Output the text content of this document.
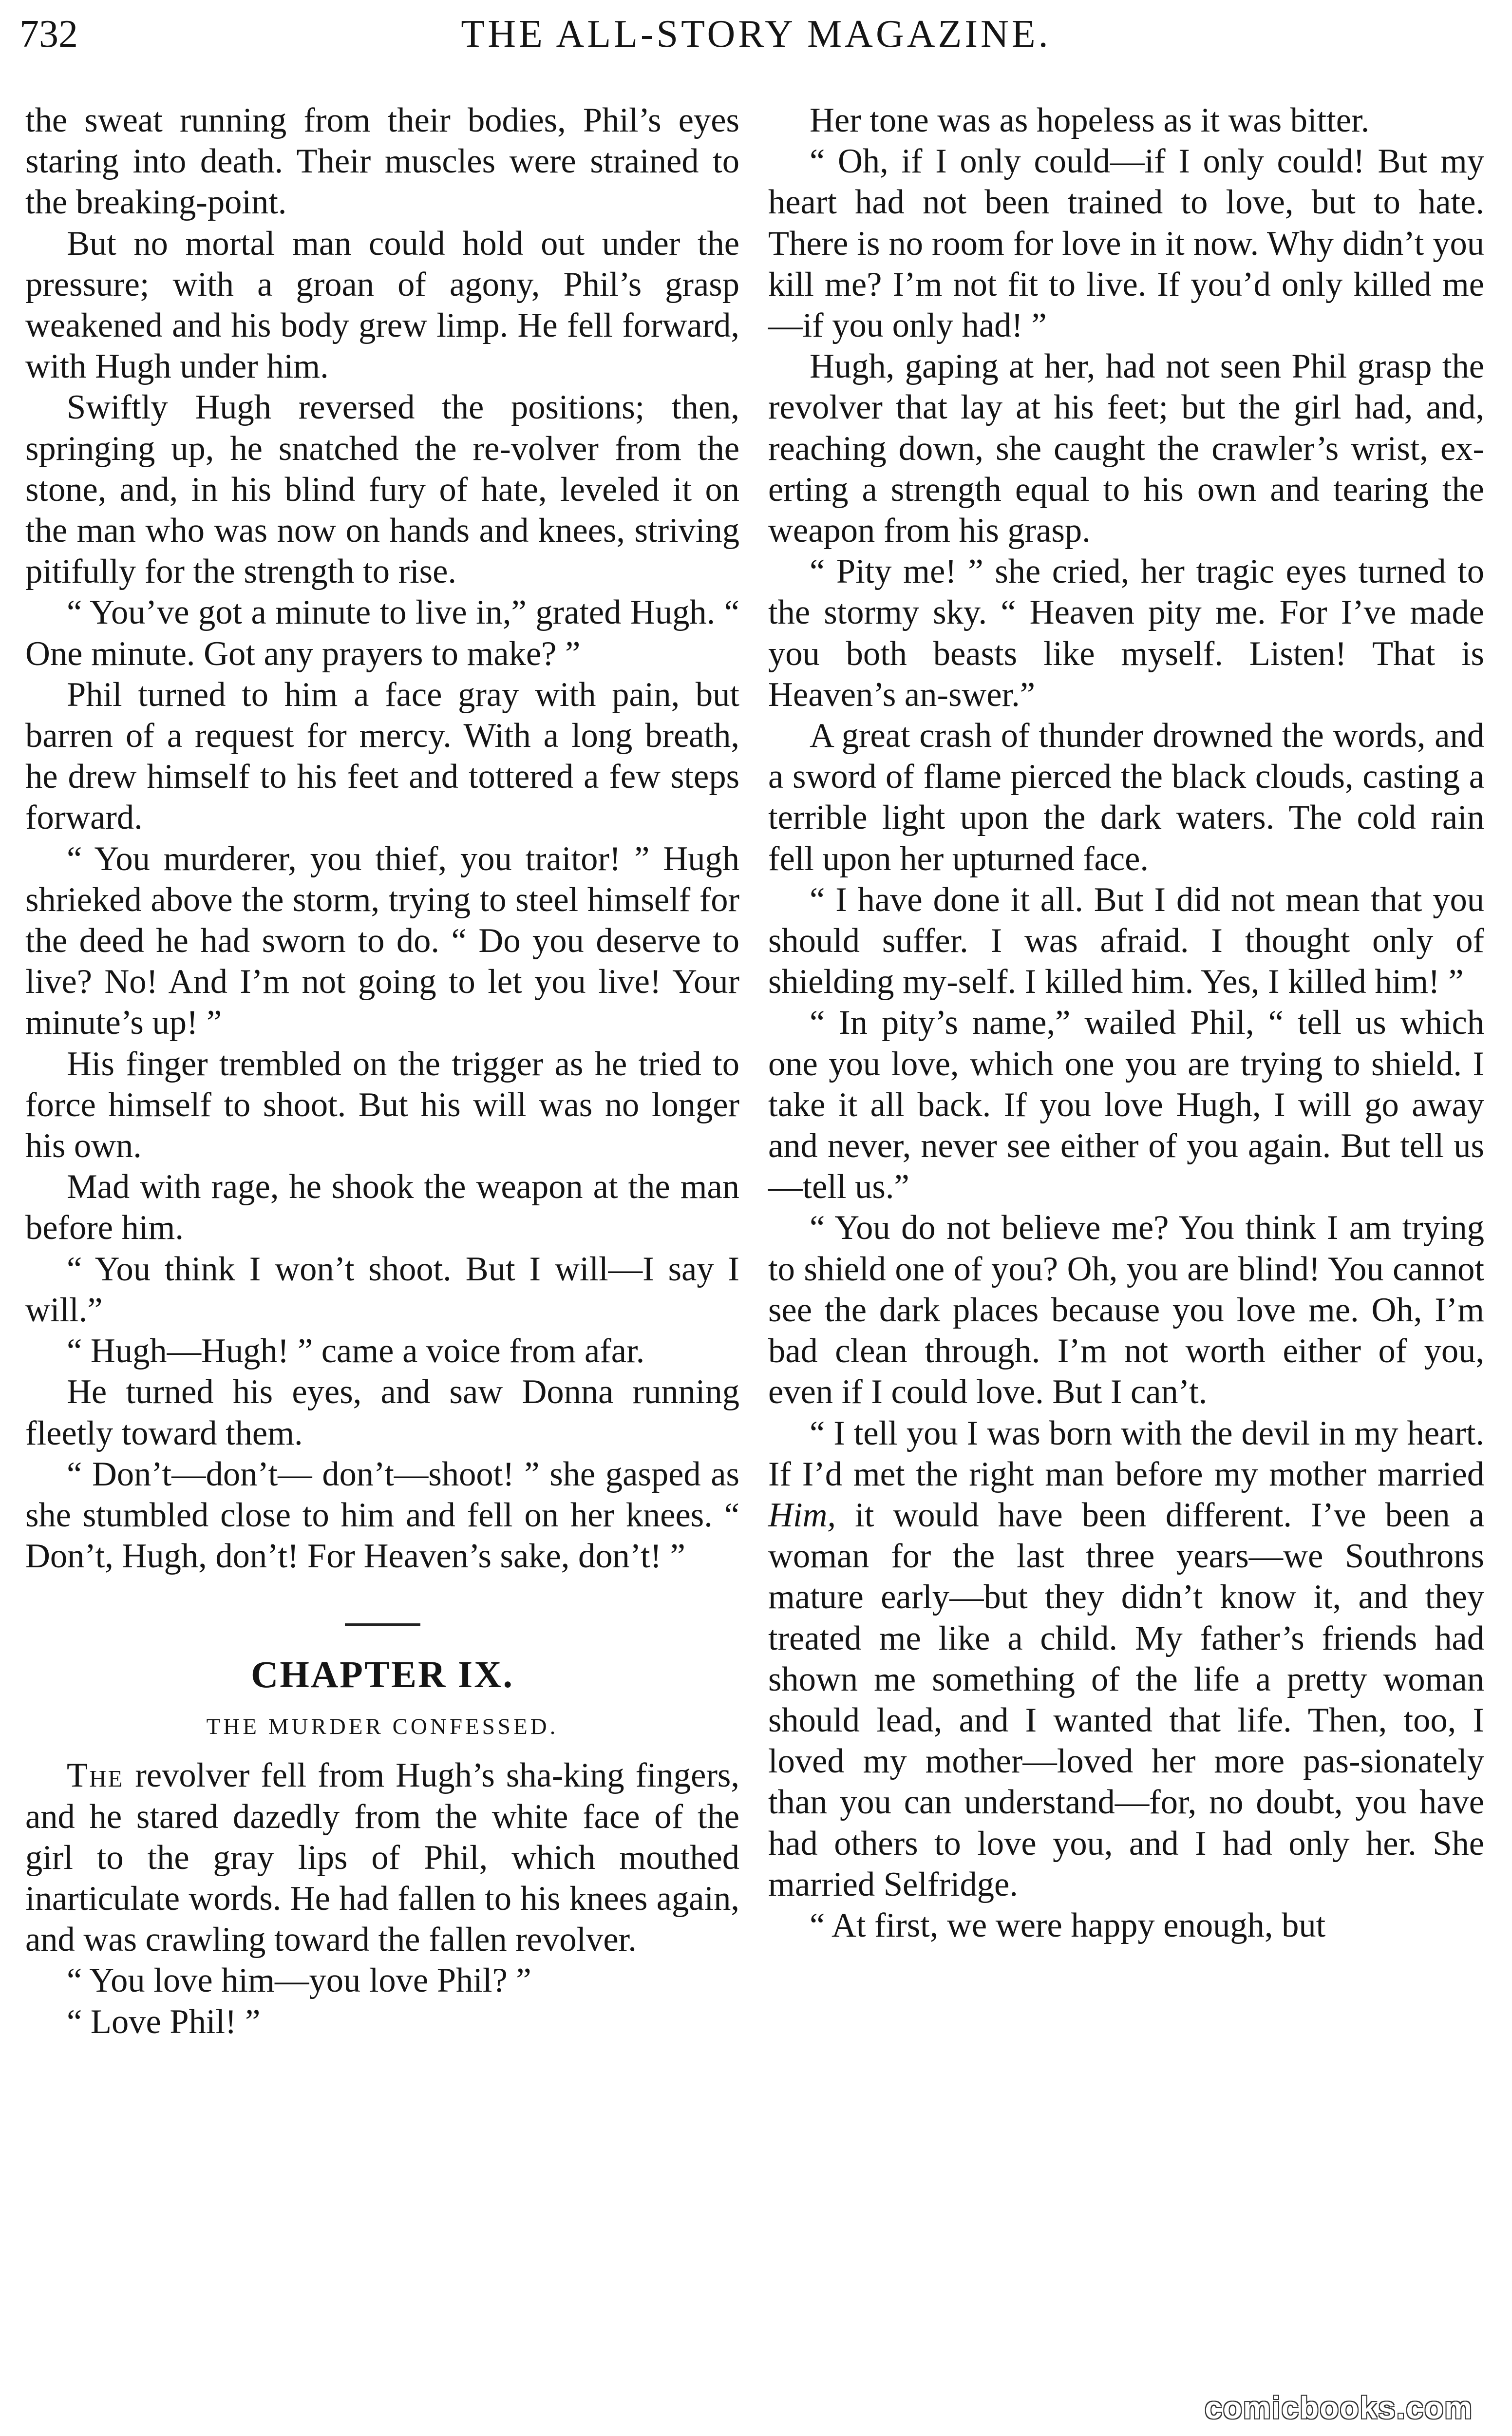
732	THE ALL-STORY MAGAZINE.

the sweat running from their bodies, Phil’s eyes staring into death. Their muscles were strained to the breaking-point.

But no mortal man could hold out under the pressure; with a groan of agony, Phil’s grasp weakened and his body grew limp. He fell forward, with Hugh under him.

Swiftly Hugh reversed the positions; then, springing up, he snatched the re-volver from the stone, and, in his blind fury of hate, leveled it on the man who was now on hands and knees, striving pitifully for the strength to rise.

“ You’ve got a minute to live in,” grated Hugh. “ One minute. Got any prayers to make? ”

Phil turned to him a face gray with pain, but barren of a request for mercy. With a long breath, he drew himself to his feet and tottered a few steps forward.

“ You murderer, you thief, you traitor! ” Hugh shrieked above the storm, trying to steel himself for the deed he had sworn to do. “ Do you deserve to live? No! And I’m not going to let you live! Your minute’s up! ”

His finger trembled on the trigger as he tried to force himself to shoot. But his will was no longer his own.

Mad with rage, he shook the weapon at the man before him.

“ You think I won’t shoot. But I will—I say I will.”

“ Hugh—Hugh! ” came a voice from afar.

He turned his eyes, and saw Donna running fleetly toward them.

“ Don’t—don’t— don’t—shoot! ” she gasped as she stumbled close to him and fell on her knees. “ Don’t, Hugh, don’t! For Heaven’s sake, don’t! ”

CHAPTER IX.
THE MURDER CONFESSED.

The revolver fell from Hugh’s sha-king fingers, and he stared dazedly from the white face of the girl to the gray lips of Phil, which mouthed inarticulate words. He had fallen to his knees again, and was crawling toward the fallen revolver.

“ You love him—you love Phil? ”

“ Love Phil! ”

Her tone was as hopeless as it was bitter.

“ Oh, if I only could—if I only could! But my heart had not been trained to love, but to hate. There is no room for love in it now. Why didn’t you kill me? I’m not fit to live. If you’d only killed me—if you only had! ”

Hugh, gaping at her, had not seen Phil grasp the revolver that lay at his feet; but the girl had, and, reaching down, she caught the crawler’s wrist, ex-erting a strength equal to his own and tearing the weapon from his grasp.

“ Pity me! ” she cried, her tragic eyes turned to the stormy sky. “ Heaven pity me. For I’ve made you both beasts like myself. Listen! That is Heaven’s an-swer.”

A great crash of thunder drowned the words, and a sword of flame pierced the black clouds, casting a terrible light upon the dark waters. The cold rain fell upon her upturned face.

“ I have done it all. But I did not mean that you should suffer. I was afraid. I thought only of shielding my-self. I killed him. Yes, I killed him! ”

“ In pity’s name,” wailed Phil, “ tell us which one you love, which one you are trying to shield. I take it all back. If you love Hugh, I will go away and never, never see either of you again. But tell us—tell us.”

“ You do not believe me? You think I am trying to shield one of you? Oh, you are blind! You cannot see the dark places because you love me. Oh, I’m bad clean through. I’m not worth either of you, even if I could love. But I can’t.

“ I tell you I was born with the devil in my heart. If I’d met the right man before my mother married Him, it would have been different. I’ve been a woman for the last three years—we Southrons mature early—but they didn’t know it, and they treated me like a child. My father’s friends had shown me something of the life a pretty woman should lead, and I wanted that life. Then, too, I loved my mother—loved her more pas-sionately than you can understand—for, no doubt, you have had others to love you, and I had only her. She married Selfridge.

“ At first, we were happy enough, but

comicbooks.com
